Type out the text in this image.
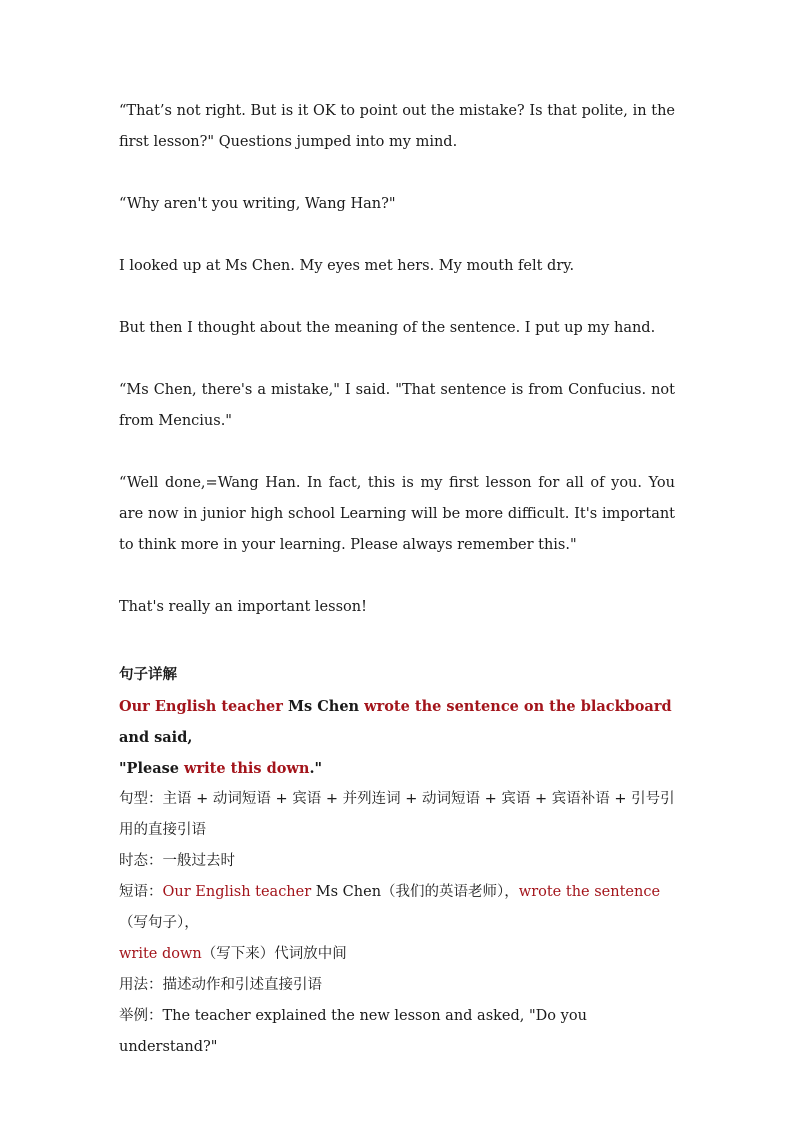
“That’s not right. But is it OK to point out the mistake? Is that polite, in the first lesson?" Questions jumped into my mind.

“Why aren't you writing, Wang Han?"

I looked up at Ms Chen. My eyes met hers. My mouth felt dry.

But then I thought about the meaning of the sentence. I put up my hand.

“Ms Chen, there's a mistake," I said. "That sentence is from Confucius. not from Mencius."

“Well done,=Wang Han. In fact, this is my first lesson for all of you. You are now in junior high school Learning will be more difficult. It's important to think more in your learning. Please always remember this."

That's really an important lesson!

句子详解

Our English teacher Ms Chen wrote the sentence on the blackboard and said,
"Please write this down."

句型：主语 + 动词短语 + 宾语 + 并列连词 + 动词短语 + 宾语 + 宾语补语 + 引号引用的直接引语

时态：一般过去时

短语：Our English teacher Ms Chen（我们的英语老师），wrote the sentence（写句子），
write down（写下来）代词放中间

用法：描述动作和引述直接引语

举例：The teacher explained the new lesson and asked, "Do you understand?"
